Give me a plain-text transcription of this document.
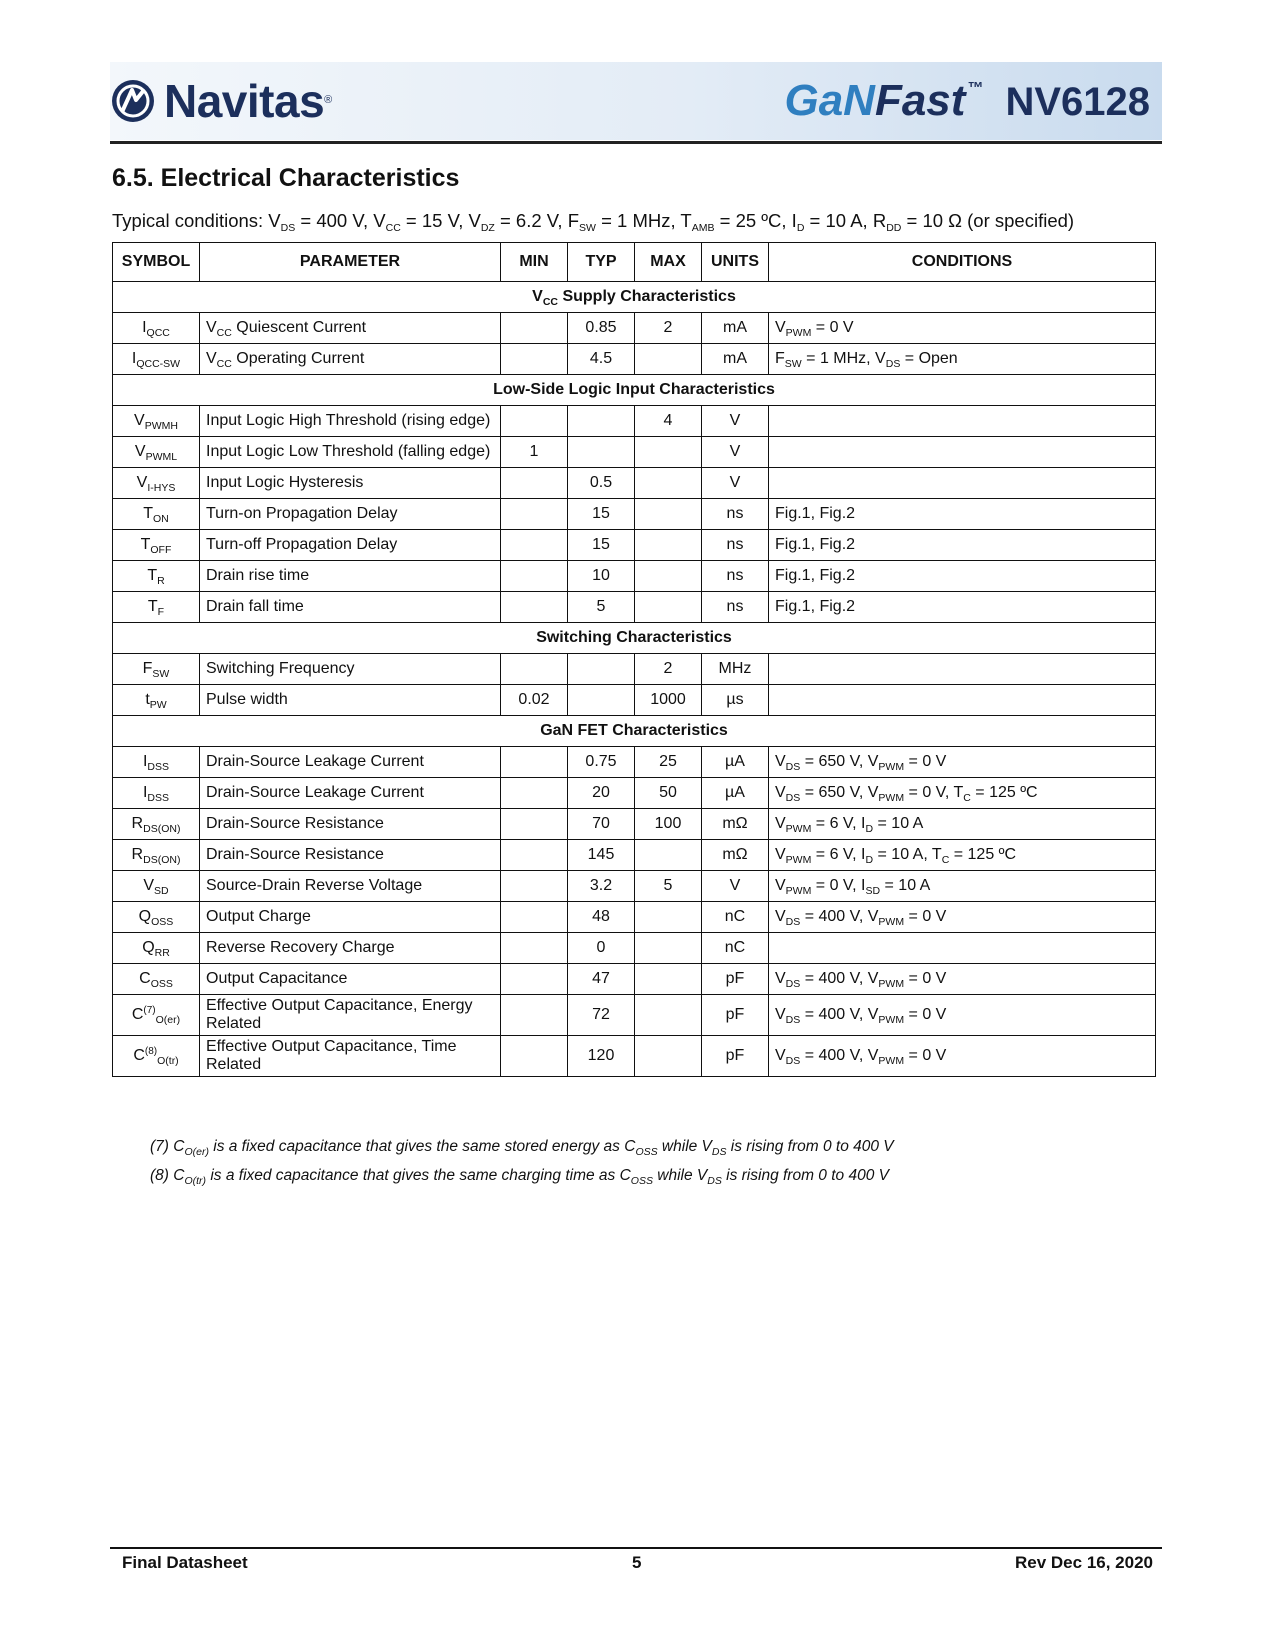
Navitas ®	GaN Fast ™ NV6128
6.5. Electrical Characteristics
Typical conditions: $V_{DS} = 400$ V, $V_{CC} = 15$ V, $V_{DZ} = 6.2$ V, $F_{SW} = 1$ MHz, $T_{AMB} = 25$ ºC, $I_D = 10$ A, $R_{DD} = 10$ Ω (or specified)
SYMBOL	PARAMETER	MIN	TYP	MAX	UNITS	CONDITIONS
$V_{CC}$ Supply Characteristics						
$I_{QCC}$	$V_{CC}$ Quiescent Current		0.85	2	mA	$V_{PWM} = 0$ V
$I_{QCC-SW}$	$V_{CC}$ Operating Current		4.5		mA	$F_{SW} = 1$ MHz, $V_{DS}$ = Open
Low-Side Logic Input Characteristics						
$V_{PWMH}$	Input Logic High Threshold (rising edge)			4	V	
$V_{PWML}$	Input Logic Low Threshold (falling edge)	1			V	
$V_{I-HYS}$	Input Logic Hysteresis		0.5		V	
$T_{ON}$	Turn-on Propagation Delay		15		ns	Fig.1, Fig.2
$T_{OFF}$	Turn-off Propagation Delay		15		ns	Fig.1, Fig.2
$T_R$	Drain rise time		10		ns	Fig.1, Fig.2
$T_F$	Drain fall time		5		ns	Fig.1, Fig.2
Switching Characteristics						
$F_{SW}$	Switching Frequency			2	MHz	
$t_{PW}$	Pulse width	0.02		1000	µs	
GaN FET Characteristics						
$I_{DSS}$	Drain-Source Leakage Current		0.75	25	µA	$V_{DS} = 650$ V, $V_{PWM} = 0$ V
$I_{DSS}$	Drain-Source Leakage Current		20	50	µA	$V_{DS} = 650$ V, $V_{PWM} = 0$ V, $T_C = 125$ ºC
$R_{DS(ON)}$	Drain-Source Resistance		70	100	mΩ	$V_{PWM} = 6$ V, $I_D = 10$ A
$R_{DS(ON)}$	Drain-Source Resistance		145		mΩ	$V_{PWM} = 6$ V, $I_D = 10$ A, $T_C = 125$ ºC
$V_{SD}$	Source-Drain Reverse Voltage		3.2	5	V	$V_{PWM} = 0$ V, $I_{SD} = 10$ A
$Q_{OSS}$	Output Charge		48		nC	$V_{DS} = 400$ V, $V_{PWM} = 0$ V
$Q_{RR}$	Reverse Recovery Charge		0		nC	
$C_{OSS}$	Output Capacitance		47		pF	$V_{DS} = 400$ V, $V_{PWM} = 0$ V
$C^{(7)}_{O(er)}$	Effective Output Capacitance, Energy Related		72		pF	$V_{DS} = 400$ V, $V_{PWM} = 0$ V
$C^{(8)}_{O(tr)}$	Effective Output Capacitance, Time Related		120		pF	$V_{DS} = 400$ V, $V_{PWM} = 0$ V
(7) $C_{O(er)}$ is a fixed capacitance that gives the same stored energy as $C_{OSS}$ while $V_{DS}$ is rising from 0 to 400 V
(8) $C_{O(tr)}$ is a fixed capacitance that gives the same charging time as $C_{OSS}$ while $V_{DS}$ is rising from 0 to 400 V
Final Datasheet	5	Rev Dec 16, 2020
